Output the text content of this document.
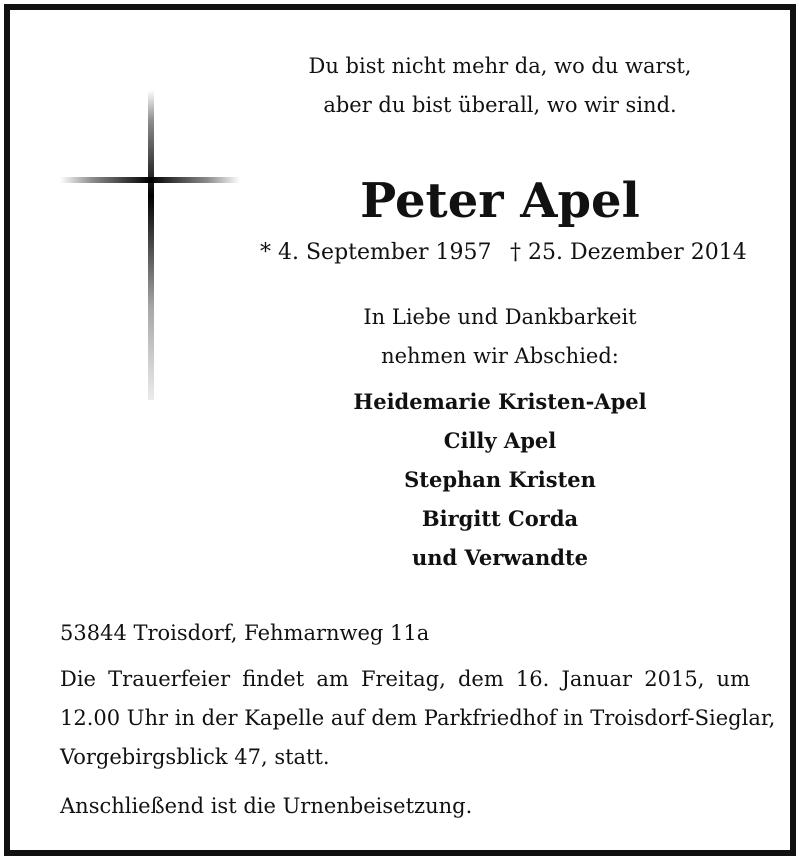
Du bist nicht mehr da, wo du warst,
aber du bist überall, wo wir sind.
Peter Apel
* 4. September 1957 † 25. Dezember 2014
In Liebe und Dankbarkeit
nehmen wir Abschied:
Heidemarie Kristen-Apel
Cilly Apel
Stephan Kristen
Birgitt Corda
und Verwandte
53844 Troisdorf, Fehmarnweg 11a
Die Trauerfeier findet am Freitag, dem 16. Januar 2015, um
12.00 Uhr in der Kapelle auf dem Parkfriedhof in Troisdorf-Sieglar,
Vorgebirgsblick 47, statt.
Anschließend ist die Urnenbeisetzung.
